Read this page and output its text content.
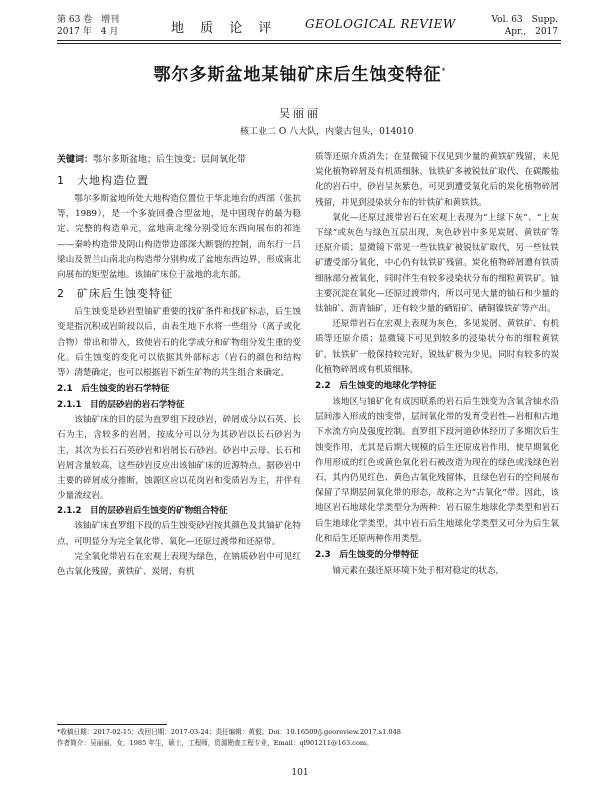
第 63 卷　增刊
2017 年　4 月	地 质 论 评 GEOLOGICAL REVIEW	Vol. 63　Supp.
Apr.,　2017
鄂尔多斯盆地某铀矿床后生蚀变特征*
吴丽丽
核工业二 O 八大队，内蒙古包头，014010
关键词：鄂尔多斯盆地；后生蚀变；层间氧化带
1　大地构造位置

鄂尔多斯盆地所处大地构造位置位于华北地台的西部（张抗等，1989），是一个多旋回叠合型盆地，是中国现存的最为稳定、完整的构造单元，盆地南北缘分别受近东西向展布的祁连——秦岭构造带及阴山构造带边部深大断裂的控制，而东行一吕梁山及贺兰山南北向构造带分别构成了盆地东西边界，形成南北向展布的矩型盆地。该铀矿床位于盆地的北东部。

2　矿床后生蚀变特征

后生蚀变是砂岩型铀矿重要的找矿条件和找矿标志，后生蚀变是指沉积成岩阶段以后，由表生地下水将一些组分（离子或化合物）带出和带入，致使岩石的化学成分和矿物组分发生重的变化。后生蚀变的变化可以依据其外部标志（岩石的颜色和结构等）清楚确定，也可以根据岩下新生矿物的共生组合来确定。

2.1　后生蚀变的岩石学特征
2.1.1　目的层砂岩的岩石学特征

该铀矿床的目的层为直罗组下段砂岩，碎屑成分以石英、长石为主，含较多的岩屑，按成分可以分为其砂岩以长石砂岩为主，其次为长石石英砂岩和岩屑长石砂岩。砂岩中云母、长石和岩屑含量较高，这些砂岩反应出该铀矿床的近源特点。据砂岩中主要的碎屑成分推断，蚀源区应以花岗岩和变质岩为主，并伴有少量流纹岩。

2.1.2　目的层砂岩后生蚀变的矿物组合特征

该铀矿床直罗组下段的后生蚀变砂岩按其颜色及其铀矿化特点，可明显分为完全氧化带、氧化—还原过渡带和还原带。

完全氧化带岩石在宏观上表现为绿色，在钠质砂岩中可见红色古氧化残留，黄铁矿、炭屑、有机

质等还原介质消失；在显微镜下仅见到少量的黄铁矿残留，未见炭化植物碎屑及有机质细脉，钛铁矿多被锐钛矿取代、在碳酸盐化的岩石中，砂岩呈灰紫色，可见到遭受氧化后的炭化植物碎屑残留，并见到浸染状分布的针铁矿和黄铁铁。

氧化—还原过渡带岩石在宏观上表现为“上绿下灰”、“上灰下绿”或灰色与绿色互层出现，灰色砂岩中多见炭屑、黄铁矿等还原介质；显微镜下常见一些钛铁矿被锐钛矿取代，另一些钛铁矿遭受部分氧化，中心仍有钛铁矿残留。炭化植物碎屑遭有铁质细脉部分被氧化，同时伴生有较多浸染状分布的细粒黄铁矿。铀主要沉淀在氧化—还原过渡带内，所以可见大量的铀石和少量的钛铀矿、沥青铀矿，还有较少量的硒铅矿、硒铜镍铁矿等产出。

还原带岩石在宏观上表现为灰色，多见炭屑、黄铁矿、有机质等还原介质；显微镜下可见到较多的浸染状分布的细粒黄铁矿，钛铁矿一般保持较完好，锐钛矿极为少见，同时有较多的炭化植物碎屑或有机质细脉。

2.2　后生蚀变的地球化学特征

该地区与铀矿化有成因联系的岩石后生蚀变为含氧含铀水沿层间渗入形成的蚀变带，层间氧化带的发育受岩性—岩相和古地下水流方向及强度控制。直罗组下段河道砂体经历了多期次后生蚀变作用，尤其是后期大规模的后生还原成岩作用，使早期氧化作用形成的红色或黄色氧化岩石被改造为现在的绿色或浅绿色岩石，其内仍见红色、黄色古氧化残留体，且绿色岩石的空间展布保留了早期层间氧化带的形态，故称之为“古氧化”带。因此，该地区岩石地球化学类型分为两种：岩石原生地球化学类型和岩石后生地球化学类型，其中岩石后生地球化学类型又可分为后生氧化和后生还原两种作用类型。

2.3　后生蚀变的分带特征

铀元素在强还原环境下处于相对稳定的状态，

*收稿日期：2017-02-15；改回日期：2017-03-24；责任编辑：黄毅。Doi：10.16509/j.georeview.2017.s1.048
作者简介：吴丽丽，女，1985 年生，硕士，工程师，资源勘查工程专业，Email：ql901211@163.com。
101
